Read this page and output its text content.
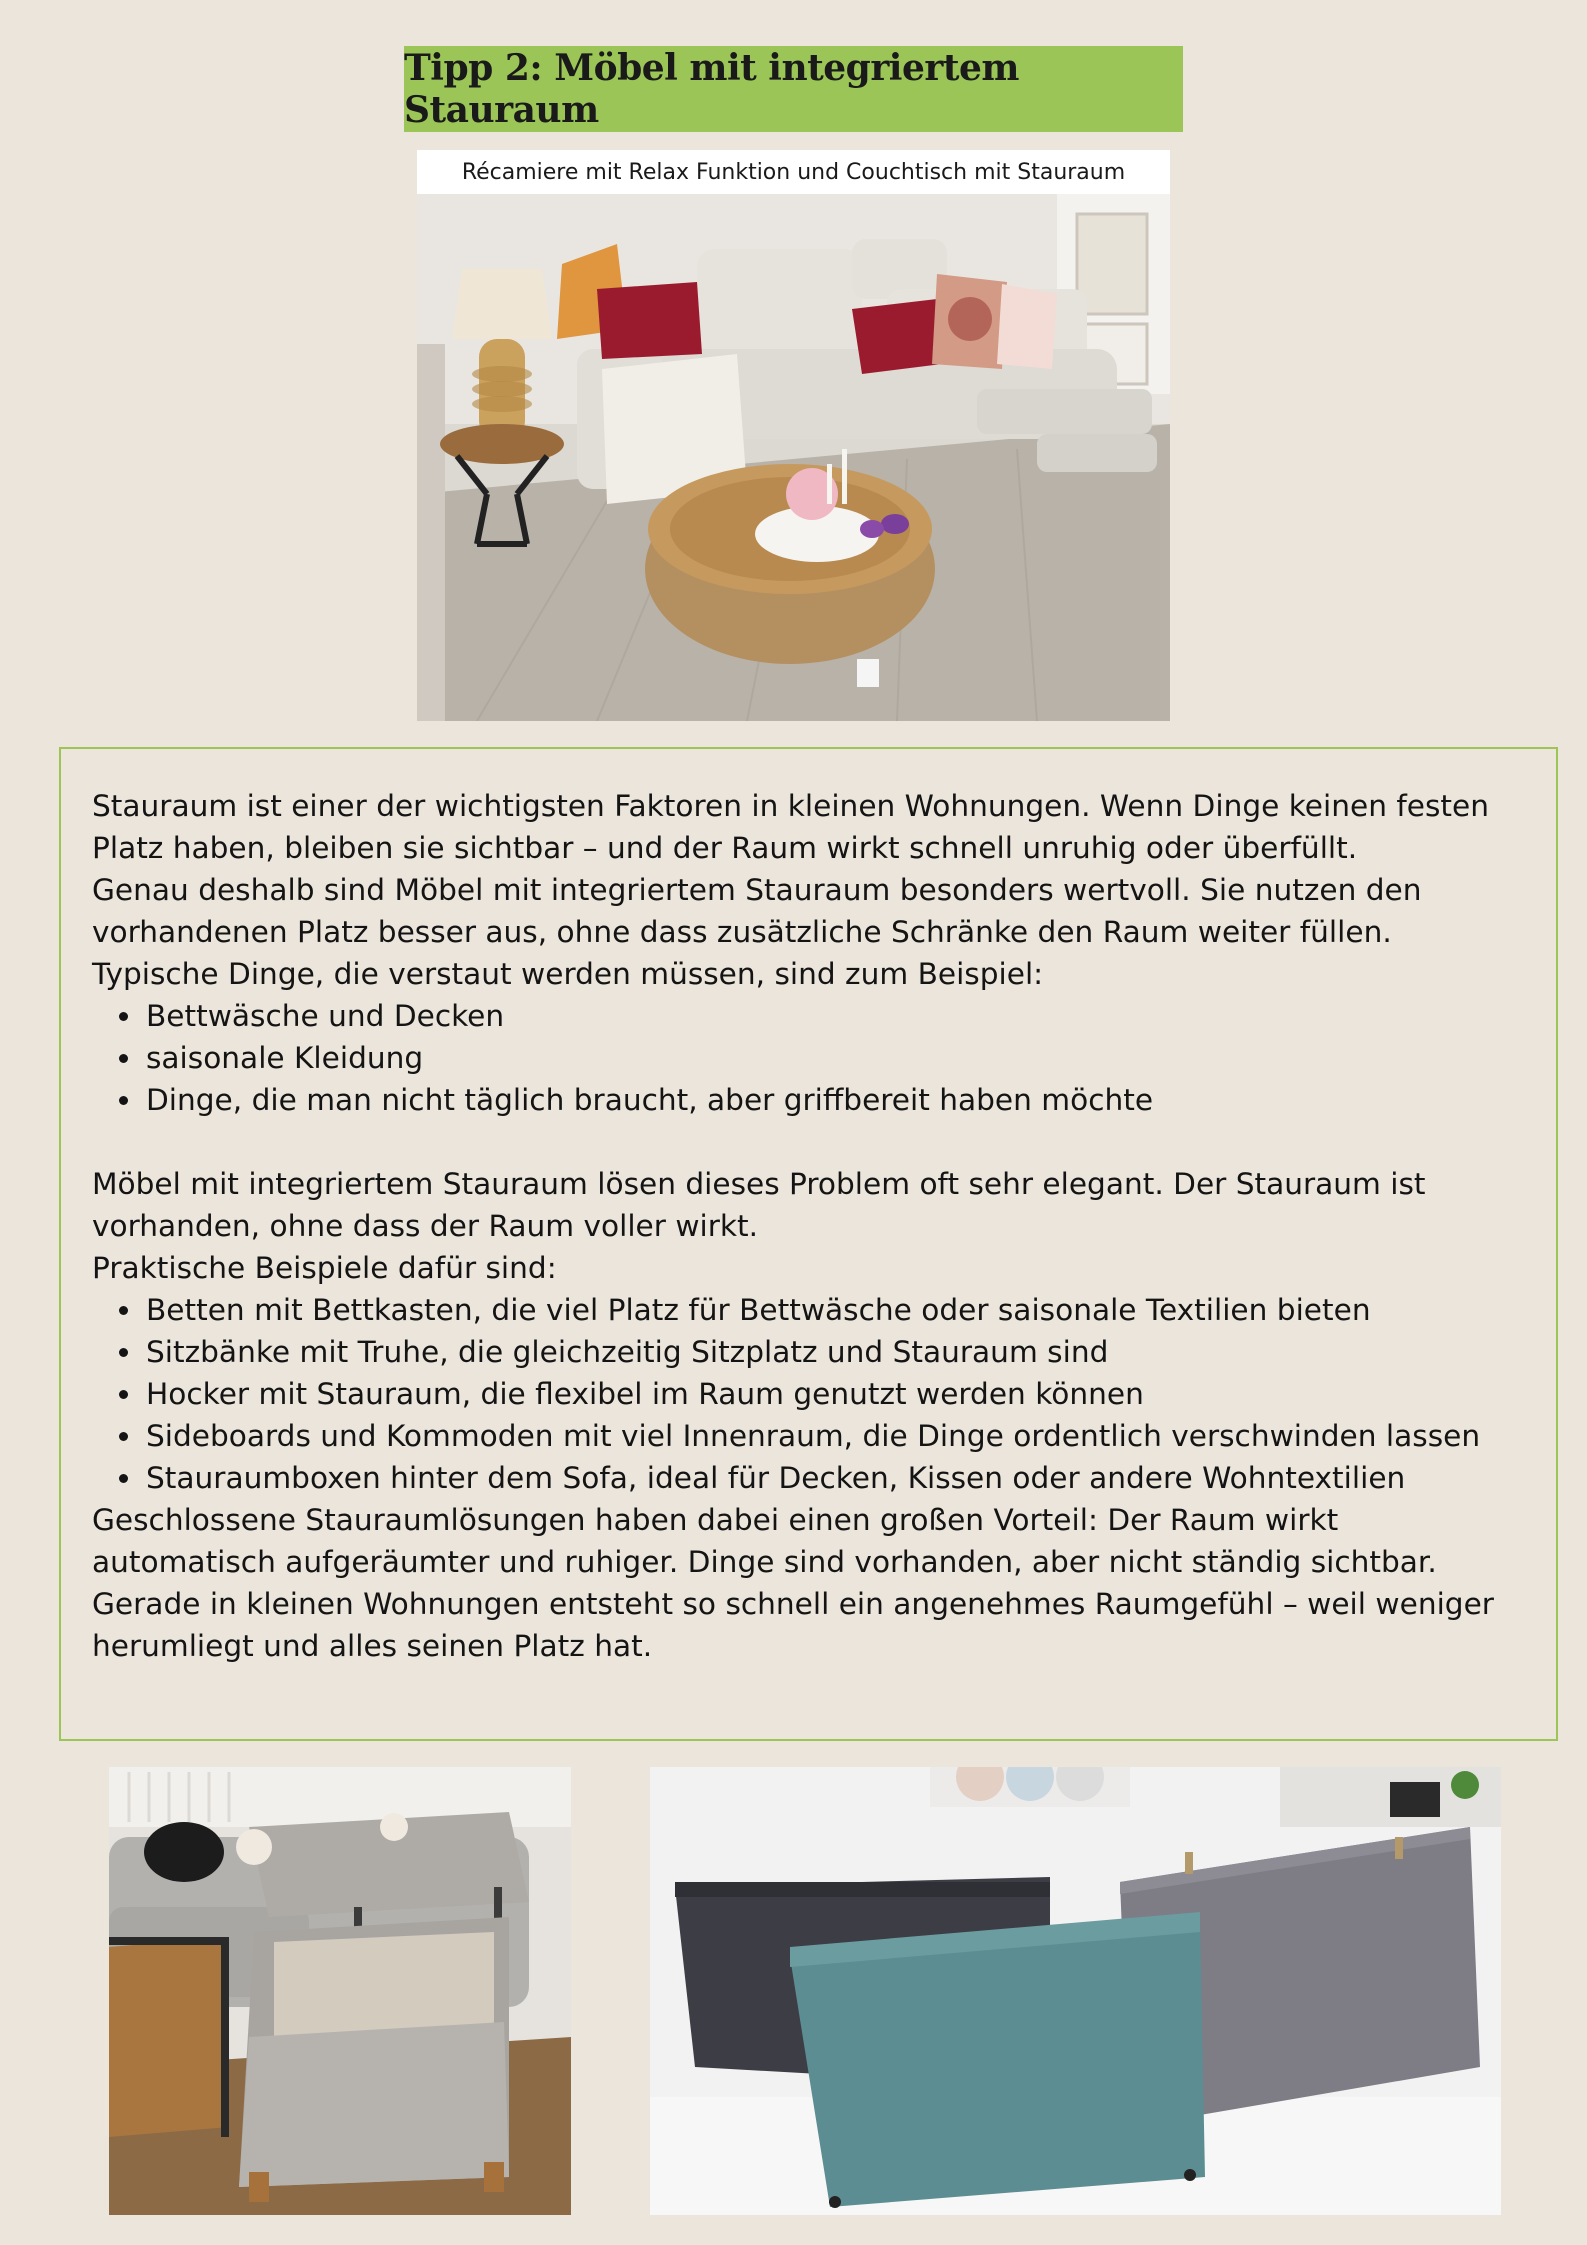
Tipp 2: Möbel mit integriertem Stauraum
Récamiere mit Relax Funktion und Couchtisch mit Stauraum

Stauraum ist einer der wichtigsten Faktoren in kleinen Wohnungen. Wenn Dinge keinen festen Platz haben, bleiben sie sichtbar – und der Raum wirkt schnell unruhig oder überfüllt.

Genau deshalb sind Möbel mit integriertem Stauraum besonders wertvoll. Sie nutzen den vorhandenen Platz besser aus, ohne dass zusätzliche Schränke den Raum weiter füllen.

Typische Dinge, die verstaut werden müssen, sind zum Beispiel:

• Bettwäsche und Decken
• saisonale Kleidung
• Dinge, die man nicht täglich braucht, aber griffbereit haben möchte

Möbel mit integriertem Stauraum lösen dieses Problem oft sehr elegant. Der Stauraum ist vorhanden, ohne dass der Raum voller wirkt.

Praktische Beispiele dafür sind:

• Betten mit Bettkasten, die viel Platz für Bettwäsche oder saisonale Textilien bieten
• Sitzbänke mit Truhe, die gleichzeitig Sitzplatz und Stauraum sind
• Hocker mit Stauraum, die flexibel im Raum genutzt werden können
• Sideboards und Kommoden mit viel Innenraum, die Dinge ordentlich verschwinden lassen
• Stauraumboxen hinter dem Sofa, ideal für Decken, Kissen oder andere Wohntextilien

Geschlossene Stauraumlösungen haben dabei einen großen Vorteil: Der Raum wirkt automatisch aufgeräumter und ruhiger. Dinge sind vorhanden, aber nicht ständig sichtbar.

Gerade in kleinen Wohnungen entsteht so schnell ein angenehmes Raumgefühl – weil weniger herumliegt und alles seinen Platz hat.
